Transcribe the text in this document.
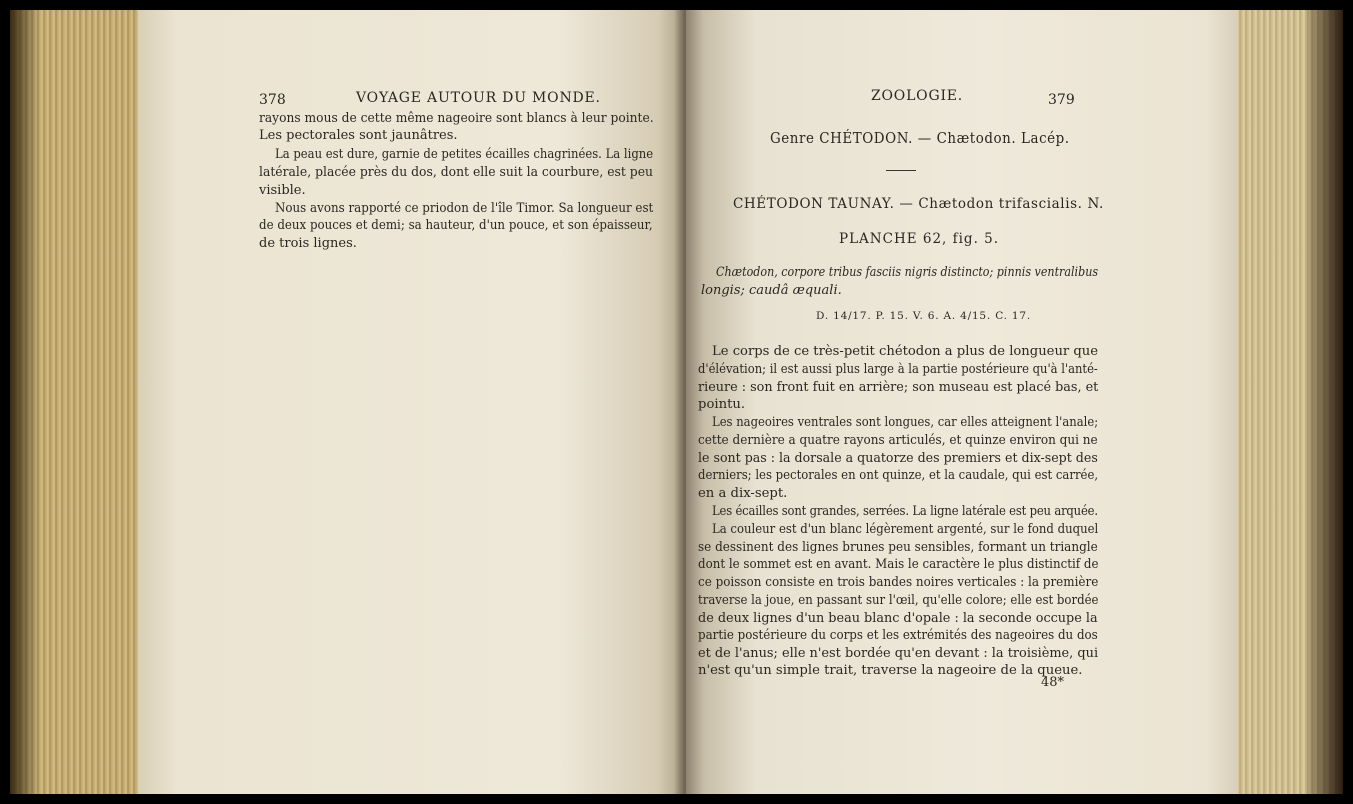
378	VOYAGE AUTOUR DU MONDE.
rayons mous de cette même nageoire sont blancs à leur pointe.
Les pectorales sont jaunâtres.
La peau est dure, garnie de petites écailles chagrinées. La ligne
latérale, placée près du dos, dont elle suit la courbure, est peu
visible.
Nous avons rapporté ce priodon de l'île Timor. Sa longueur est
de deux pouces et demi; sa hauteur, d'un pouce, et son épaisseur,
de trois lignes.
ZOOLOGIE.	379
Genre CHÉTODON. — Chætodon. Lacép.
CHÉTODON TAUNAY. — Chætodon trifascialis. N.
PLANCHE 62, fig. 5.
Chætodon, corpore tribus fasciis nigris distincto; pinnis ventralibus
longis; caudâ æquali.
D. 14/17. P. 15. V. 6. A. 4/15. C. 17.
Le corps de ce très-petit chétodon a plus de longueur que
d'élévation; il est aussi plus large à la partie postérieure qu'à l'anté-
rieure : son front fuit en arrière; son museau est placé bas, et
pointu.
Les nageoires ventrales sont longues, car elles atteignent l'anale;
cette dernière a quatre rayons articulés, et quinze environ qui ne
le sont pas : la dorsale a quatorze des premiers et dix-sept des
derniers; les pectorales en ont quinze, et la caudale, qui est carrée,
en a dix-sept.
Les écailles sont grandes, serrées. La ligne latérale est peu arquée.
La couleur est d'un blanc légèrement argenté, sur le fond duquel
se dessinent des lignes brunes peu sensibles, formant un triangle
dont le sommet est en avant. Mais le caractère le plus distinctif de
ce poisson consiste en trois bandes noires verticales : la première
traverse la joue, en passant sur l'œil, qu'elle colore; elle est bordée
de deux lignes d'un beau blanc d'opale : la seconde occupe la
partie postérieure du corps et les extrémités des nageoires du dos
et de l'anus; elle n'est bordée qu'en devant : la troisième, qui
n'est qu'un simple trait, traverse la nageoire de la queue.
48*
